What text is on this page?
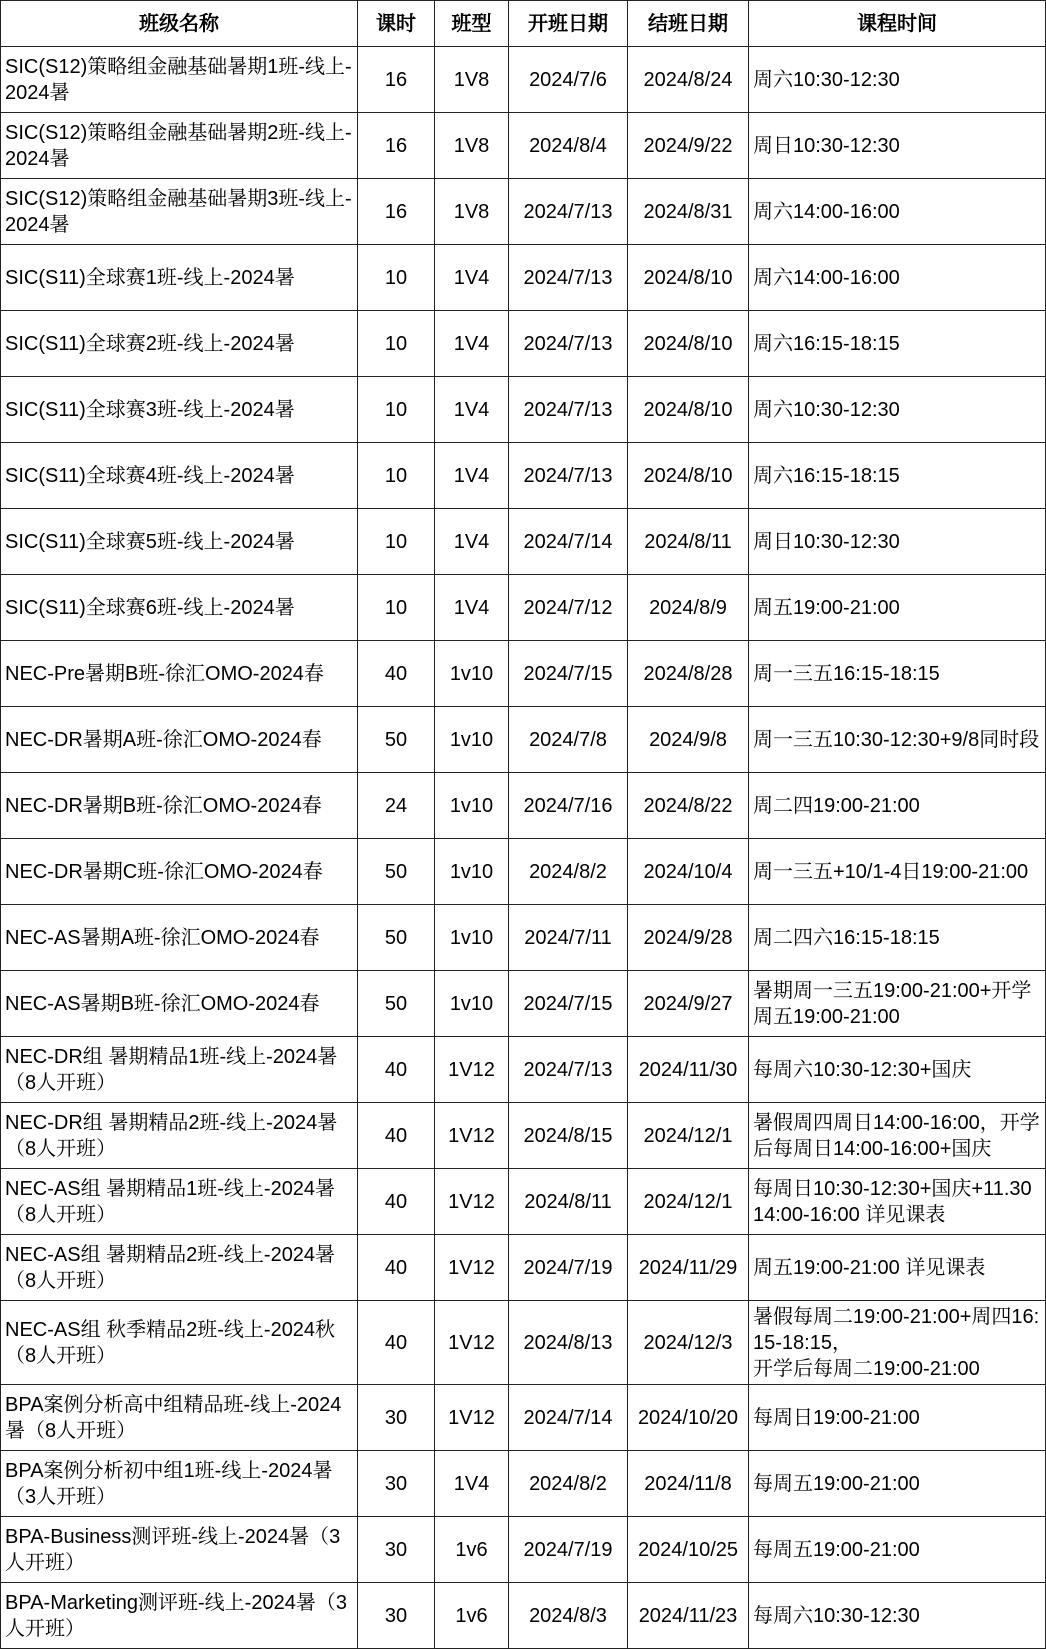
班级名称	课时	班型	开班日期	结班日期	课程时间
SIC(S12)策略组金融基础暑期1班-线上-2024暑	16	1V8	2024/7/6	2024/8/24	周六10:30-12:30
SIC(S12)策略组金融基础暑期2班-线上-2024暑	16	1V8	2024/8/4	2024/9/22	周日10:30-12:30
SIC(S12)策略组金融基础暑期3班-线上-2024暑	16	1V8	2024/7/13	2024/8/31	周六14:00-16:00
SIC(S11)全球赛1班-线上-2024暑	10	1V4	2024/7/13	2024/8/10	周六14:00-16:00
SIC(S11)全球赛2班-线上-2024暑	10	1V4	2024/7/13	2024/8/10	周六16:15-18:15
SIC(S11)全球赛3班-线上-2024暑	10	1V4	2024/7/13	2024/8/10	周六10:30-12:30
SIC(S11)全球赛4班-线上-2024暑	10	1V4	2024/7/13	2024/8/10	周六16:15-18:15
SIC(S11)全球赛5班-线上-2024暑	10	1V4	2024/7/14	2024/8/11	周日10:30-12:30
SIC(S11)全球赛6班-线上-2024暑	10	1V4	2024/7/12	2024/8/9	周五19:00-21:00
NEC-Pre暑期B班-徐汇OMO-2024春	40	1v10	2024/7/15	2024/8/28	周一三五16:15-18:15
NEC-DR暑期A班-徐汇OMO-2024春	50	1v10	2024/7/8	2024/9/8	周一三五10:30-12:30+9/8同时段
NEC-DR暑期B班-徐汇OMO-2024春	24	1v10	2024/7/16	2024/8/22	周二四19:00-21:00
NEC-DR暑期C班-徐汇OMO-2024春	50	1v10	2024/8/2	2024/10/4	周一三五+10/1-4日19:00-21:00
NEC-AS暑期A班-徐汇OMO-2024春	50	1v10	2024/7/11	2024/9/28	周二四六16:15-18:15
NEC-AS暑期B班-徐汇OMO-2024春	50	1v10	2024/7/15	2024/9/27	暑期周一三五19:00-21:00+开学周五19:00-21:00
NEC-DR组 暑期精品1班-线上-2024暑（8人开班）	40	1V12	2024/7/13	2024/11/30	每周六10:30-12:30+国庆
NEC-DR组 暑期精品2班-线上-2024暑（8人开班）	40	1V12	2024/8/15	2024/12/1	暑假周四周日14:00-16:00，开学后每周日14:00-16:00+国庆
NEC-AS组 暑期精品1班-线上-2024暑（8人开班）	40	1V12	2024/8/11	2024/12/1	每周日10:30-12:30+国庆+11.30 14:00-16:00 详见课表
NEC-AS组 暑期精品2班-线上-2024暑（8人开班）	40	1V12	2024/7/19	2024/11/29	周五19:00-21:00 详见课表
NEC-AS组 秋季精品2班-线上-2024秋（8人开班）	40	1V12	2024/8/13	2024/12/3	暑假每周二19:00-21:00+周四16:15-18:15，
开学后每周二19:00-21:00
BPA案例分析高中组精品班-线上-2024暑（8人开班）	30	1V12	2024/7/14	2024/10/20	每周日19:00-21:00
BPA案例分析初中组1班-线上-2024暑（3人开班）	30	1V4	2024/8/2	2024/11/8	每周五19:00-21:00
BPA-Business测评班-线上-2024暑（3人开班）	30	1v6	2024/7/19	2024/10/25	每周五19:00-21:00
BPA-Marketing测评班-线上-2024暑（3人开班）	30	1v6	2024/8/3	2024/11/23	每周六10:30-12:30
